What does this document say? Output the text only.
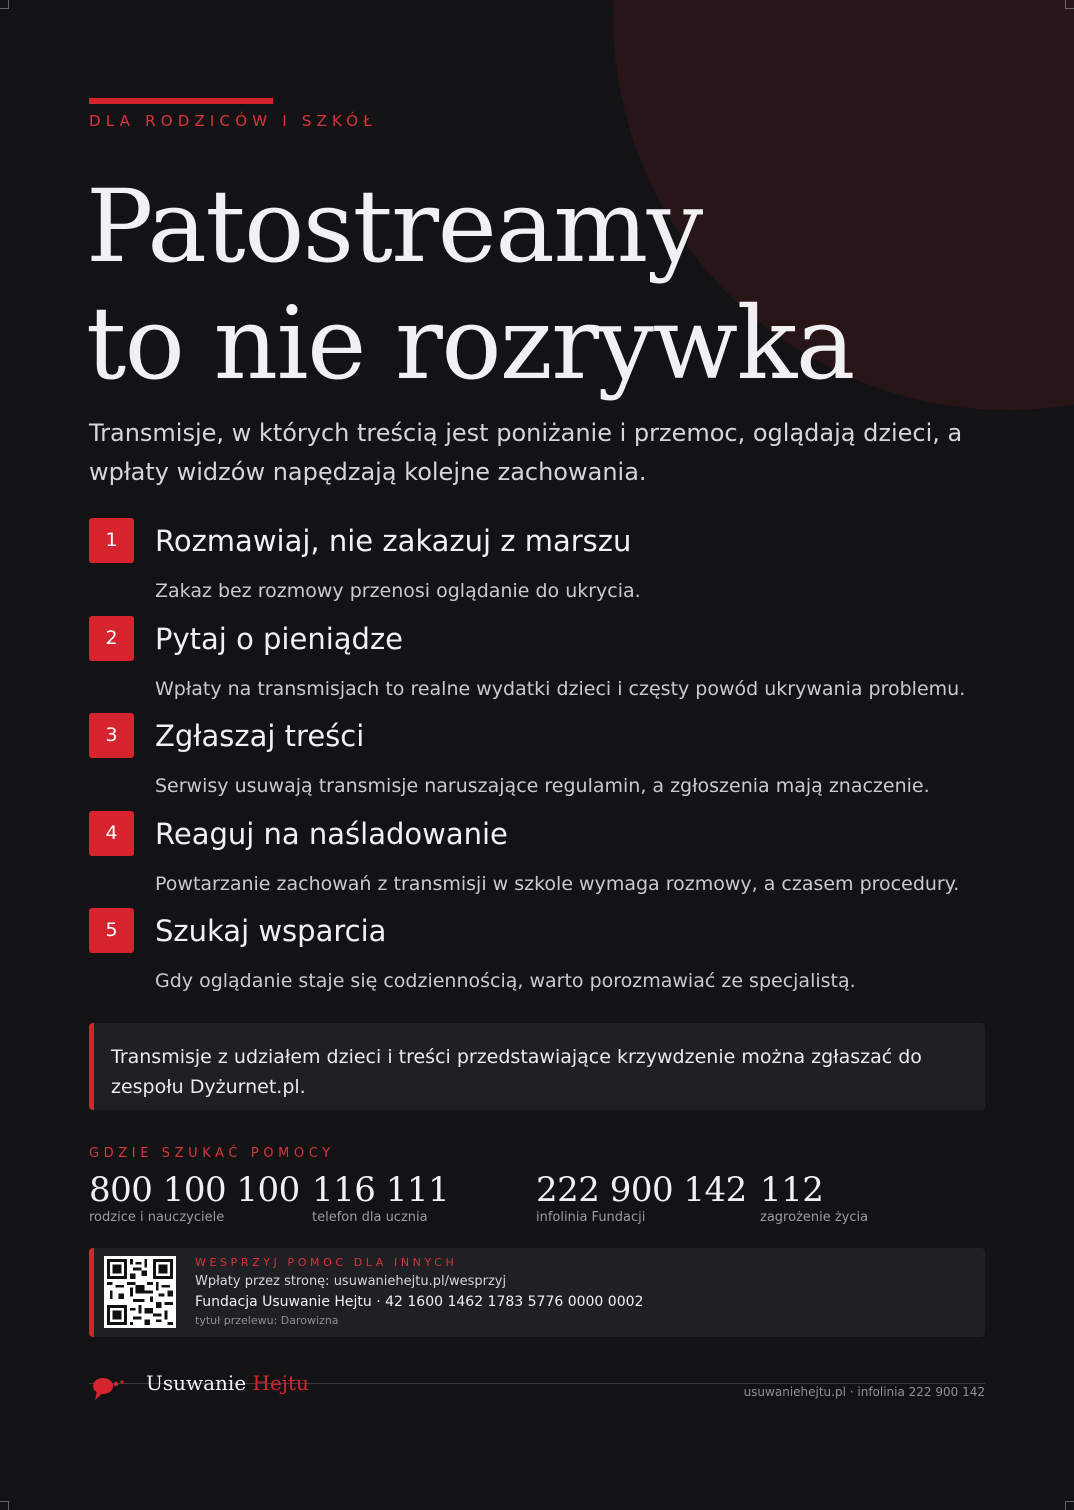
DLA RODZICÓW I SZKÓŁ
Patostreamy
to nie rozrywka

Transmisje, w których treścią jest poniżanie i przemoc, oglądają dzieci, a wpłaty widzów napędzają kolejne zachowania.

1	Rozmawiaj, nie zakazuj z marszu
Zakaz bez rozmowy przenosi oglądanie do ukrycia.
2	Pytaj o pieniądze
Wpłaty na transmisjach to realne wydatki dzieci i częsty powód ukrywania problemu.
3	Zgłaszaj treści
Serwisy usuwają transmisje naruszające regulamin, a zgłoszenia mają znaczenie.
4	Reaguj na naśladowanie
Powtarzanie zachowań z transmisji w szkole wymaga rozmowy, a czasem procedury.
5	Szukaj wsparcia
Gdy oglądanie staje się codziennością, warto porozmawiać ze specjalistą.

Transmisje z udziałem dzieci i treści przedstawiające krzywdzenie można zgłaszać do zespołu Dyżurnet.pl.

GDZIE SZUKAĆ POMOCY
800 100 100
rodzice i nauczyciele
116 111
telefon dla ucznia
222 900 142
infolinia Fundacji
112
zagrożenie życia
WESPRZYJ POMOC DLA INNYCH
Wpłaty przez stronę: usuwaniehejtu.pl/wesprzyj
Fundacja Usuwanie Hejtu · 42 1600 1462 1783 5776 0000 0002
tytuł przelewu: Darowizna
Usuwanie Hejtu	usuwaniehejtu.pl · infolinia 222 900 142
